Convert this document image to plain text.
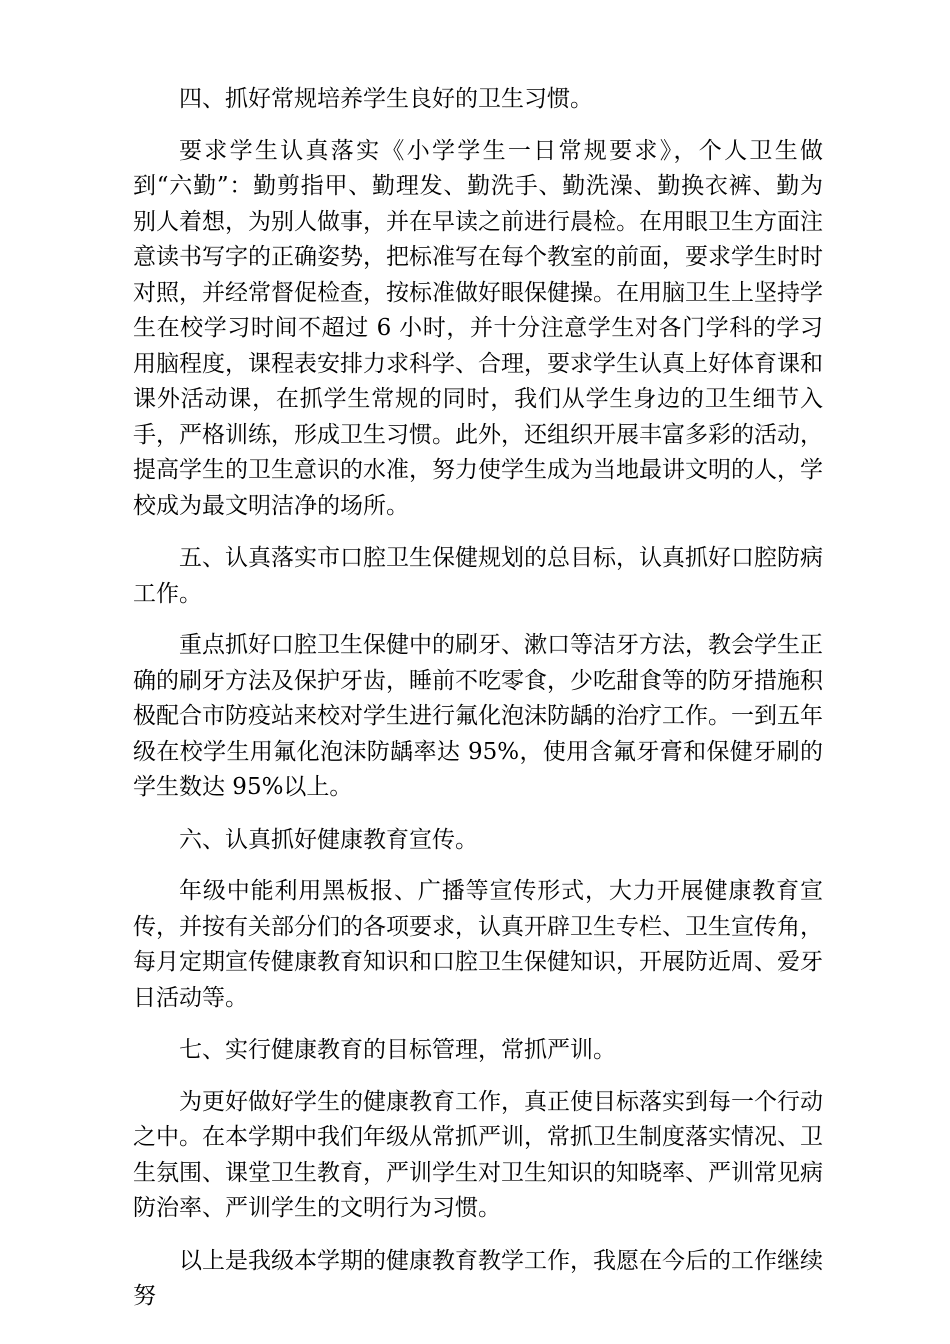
四、抓好常规培养学生良好的卫生习惯。

要求学生认真落实《小学学生一日常规要求》，个人卫生做到“六勤”：勤剪指甲、勤理发、勤洗手、勤洗澡、勤换衣裤、勤为别人着想，为别人做事，并在早读之前进行晨检。在用眼卫生方面注意读书写字的正确姿势，把标准写在每个教室的前面，要求学生时时对照，并经常督促检查，按标准做好眼保健操。在用脑卫生上坚持学生在校学习时间不超过 6 小时，并十分注意学生对各门学科的学习用脑程度，课程表安排力求科学、合理，要求学生认真上好体育课和课外活动课，在抓学生常规的同时，我们从学生身边的卫生细节入手，严格训练，形成卫生习惯。此外，还组织开展丰富多彩的活动，提高学生的卫生意识的水准，努力使学生成为当地最讲文明的人，学校成为最文明洁净的场所。

五、认真落实市口腔卫生保健规划的总目标，认真抓好口腔防病工作。

重点抓好口腔卫生保健中的刷牙、漱口等洁牙方法，教会学生正确的刷牙方法及保护牙齿，睡前不吃零食，少吃甜食等的防牙措施积极配合市防疫站来校对学生进行氟化泡沫防龋的治疗工作。一到五年级在校学生用氟化泡沫防龋率达 95%，使用含氟牙膏和保健牙刷的学生数达 95%以上。

六、认真抓好健康教育宣传。

年级中能利用黑板报、广播等宣传形式，大力开展健康教育宣传，并按有关部分们的各项要求，认真开辟卫生专栏、卫生宣传角，每月定期宣传健康教育知识和口腔卫生保健知识，开展防近周、爱牙日活动等。

七、实行健康教育的目标管理，常抓严训。

为更好做好学生的健康教育工作，真正使目标落实到每一个行动之中。在本学期中我们年级从常抓严训，常抓卫生制度落实情况、卫生氛围、课堂卫生教育，严训学生对卫生知识的知晓率、严训常见病防治率、严训学生的文明行为习惯。

以上是我级本学期的健康教育教学工作，我愿在今后的工作继续努
